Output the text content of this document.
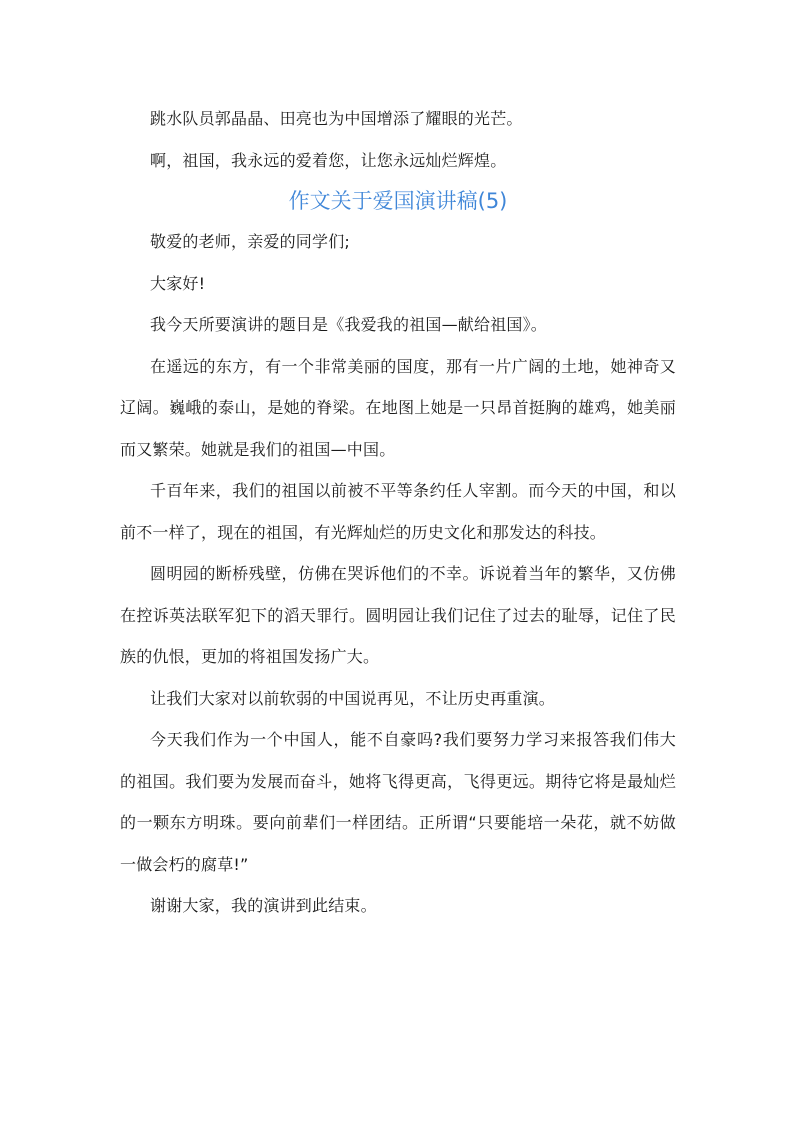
跳水队员郭晶晶、田亮也为中国增添了耀眼的光芒。

啊，祖国，我永远的爱着您，让您永远灿烂辉煌。

作文关于爱国演讲稿(5)

敬爱的老师，亲爱的同学们;

大家好!

我今天所要演讲的题目是《我爱我的祖国—献给祖国》。

在遥远的东方，有一个非常美丽的国度，那有一片广阔的土地，她神奇又辽阔。巍峨的泰山，是她的脊梁。在地图上她是一只昂首挺胸的雄鸡，她美丽而又繁荣。她就是我们的祖国—中国。

千百年来，我们的祖国以前被不平等条约任人宰割。而今天的中国，和以前不一样了，现在的祖国，有光辉灿烂的历史文化和那发达的科技。

圆明园的断桥残壁，仿佛在哭诉他们的不幸。诉说着当年的繁华，又仿佛在控诉英法联军犯下的滔天罪行。圆明园让我们记住了过去的耻辱，记住了民族的仇恨，更加的将祖国发扬广大。

让我们大家对以前软弱的中国说再见，不让历史再重演。

今天我们作为一个中国人，能不自豪吗?我们要努力学习来报答我们伟大的祖国。我们要为发展而奋斗，她将飞得更高，飞得更远。期待它将是最灿烂的一颗东方明珠。要向前辈们一样团结。正所谓“只要能培一朵花，就不妨做一做会朽的腐草!”

谢谢大家，我的演讲到此结束。
